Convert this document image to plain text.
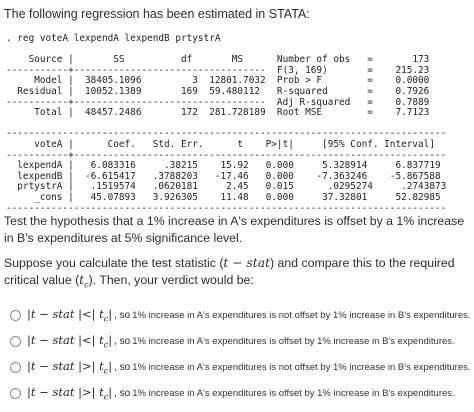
The following regression has been estimated in STATA:
. reg voteA lexpendA lexpendB prtystrA

Source |       SS          df       MS      Number of obs   =       173
-----------+----------------------------------  F(3, 169)       =    215.23
Model |  38405.1096         3  12801.7032  Prob > F        =    0.0000
Residual |  10052.1389       169  59.480112   R-squared       =    0.7926
-----------+----------------------------------  Adj R-squared   =    0.7889
Total |  48457.2486       172  281.728189  Root MSE        =    7.7123

------------------------------------------------------------------------------
voteA |      Coef.   Std. Err.      t    P>|t|     [95% Conf. Interval]
-----------+------------------------------------------------------------------
lexpendA |   6.083316     .38215    15.92   0.000     5.328914     6.837719
lexpendB |  -6.615417   .3788203   -17.46   0.000    -7.363246    -5.867588
prtystrA |   .1519574   .0620181     2.45   0.015      .0295274     .2743873
_cons |   45.07893   3.926305    11.48   0.000     37.32801     52.82985
------------------------------------------------------------------------------

Test the hypothesis that a 1% increase in A's expenditures is offset by a 1% increase in B's expenditures at 5% significance level.

Suppose you calculate the test statistic (t − stat) and compare this to the required critical value $(t_c)$. Then, your verdict would be:

|t − stat |<| $t_c|$ , so 1% increase in A's expenditures is not offset by 1% increase in B's expenditures.
|t − stat |<| $t_c|$ , so 1% increase in A's expenditures is offset by 1% increase in B's expenditures.
|t − stat |>| $t_c|$ , so 1% increase in A's expenditures is not offset by 1% increase in B's expenditures.
|t − stat |>| $t_c|$ , so 1% increase in A's expenditures is offset by 1% increase in B's expenditures.
